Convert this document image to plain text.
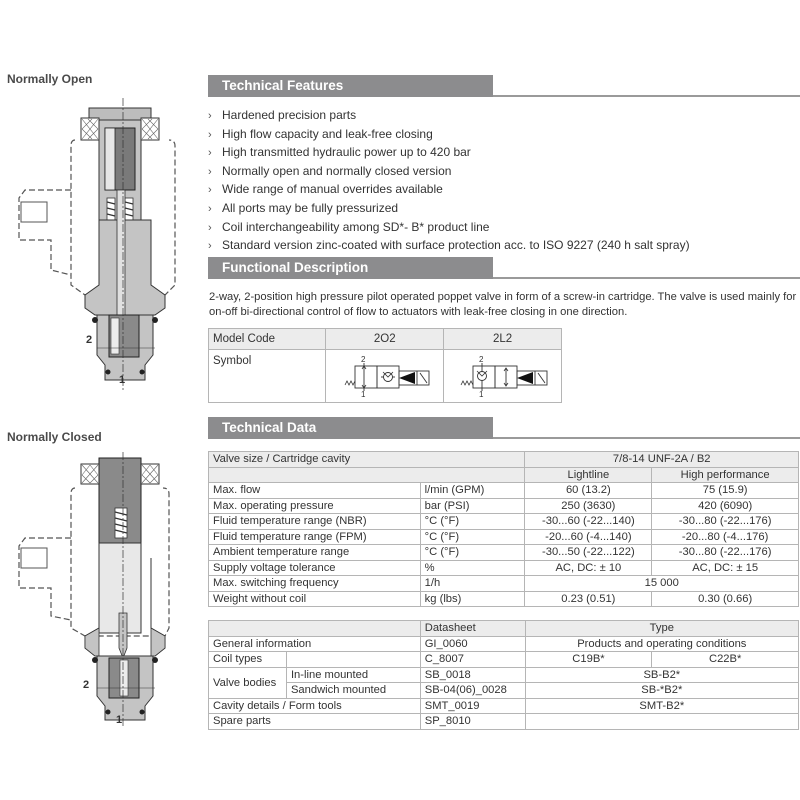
Normally Open
2
1
Normally Closed
2
1
Technical Features
› Hardened precision parts
› High flow capacity and leak-free closing
› High transmitted hydraulic power up to 420 bar
› Normally open and normally closed version
› Wide range of manual overrides available
› All ports may be fully pressurized
› Coil interchangeability among SD*- B* product line
› Standard version zinc-coated with surface protection acc. to ISO 9227 (240 h salt spray)
Functional Description

2-way, 2-position high pressure pilot operated poppet valve in form of a screw-in cartridge. The valve is used mainly for on-off bi-directional control of flow to actuators with leak-free closing in one direction.

Model Code	2O2	2L2
Symbol	2
1	2
1
Technical Data
Valve size / Cartridge cavity		7/8-14 UNF-2A / B2	
		Lightline	High performance
Max. flow	l/min (GPM)	60 (13.2)	75 (15.9)
Max. operating pressure	bar (PSI)	250 (3630)	420 (6090)
Fluid temperature range (NBR)	°C (°F)	-30...60 (-22...140)	-30...80 (-22...176)
Fluid temperature range (FPM)	°C (°F)	-20...60 (-4...140)	-20...80 (-4...176)
Ambient temperature range	°C (°F)	-30...50 (-22...122)	-30...80 (-22...176)
Supply voltage tolerance	%	AC, DC: ± 10	AC, DC: ± 15
Max. switching frequency	1/h	15 000	
Weight without coil	kg (lbs)	0.23 (0.51)	0.30 (0.66)
		Datasheet	Type	
General information		GI_0060	Products and operating conditions	
Coil types		C_8007	C19B*	C22B*
Valve bodies	In-line mounted	SB_0018	SB-B2*	
	Sandwich mounted	SB-04(06)_0028	SB-*B2*	
Cavity details / Form tools		SMT_0019	SMT-B2*	
Spare parts		SP_8010		
